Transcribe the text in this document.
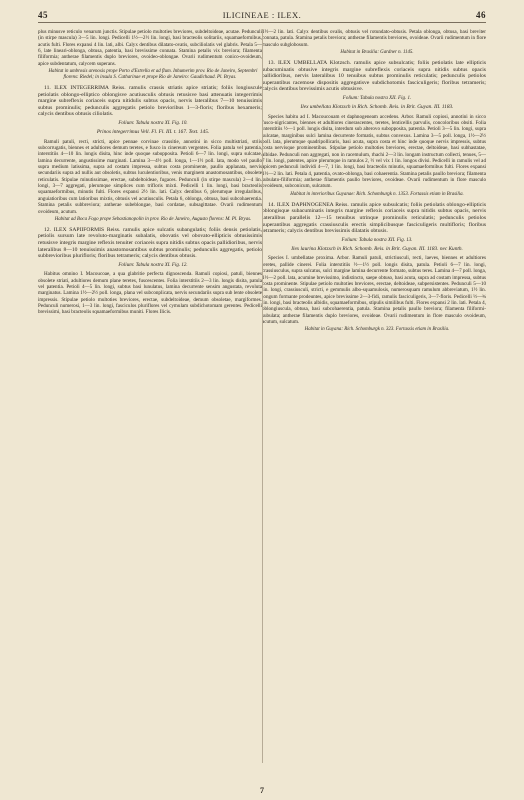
45	ILICINEAE : ILEX.	46

plus minusve reticulo venarum junctis. Stipulae petiolo multoties breviores, subdeltoideae, acutae. Pedunculi (in stirpe mascula) 3—5 lin. longi. Pedicelli 1½—2½ lin. longi, basi bracteolis solitariis, squamaeformibus, acutis fulti. Flores expansi 4 lin. lati, albi. Calyx dentibus dilatato-ovatis, subciliolatis vel glabris. Petala 5—6, late lineari-oblonga, obtusa, patentia, basi brevissime connata. Stamina petalis vix breviora; filamenta filiformia; antherae filamentis duplo breviores, ovoideo-oblongae. Ovarii rudimentum conico-ovoideum, apice subdentatum, calycem superans.

Habitat in umbrosis arenosis prope Porto d'Estrella et ad flum. Inhumerim prov. Rio de Janeiro, Septembri florens: Riedel; in insula S. Catharinae et prope Rio de Janeiro: Gaudichaud. Pl. Bryas.

11. ILEX INTEGERRIMA Reiss. ramulis crassis striatis apice striatis; foliis longiuscule petiolatis oblongo-elliptico oblongisve acutiusculis obtusis retusisve basi attenuatis integerrimis margine subreflexis coriaceis supra nitidulis subtus opacis, nervis lateralibus 7—10 tenuissimis subtus prominulis; pedunculis aggregatis petiolo brevioribus 1—3-floris; floribus hexameris; calycis dentibus obtusis ciliolatis.

Folium: Tabula nostra XI. Fig. 10.

Prinos integerrimus Vell. Fl. Fl. III. t. 167. Text. 145.

Ramuli patuli, recti, stricti, apice pennae corvinae crassitie, annotini in sicco multistriati, striis subcorrugatis, biennes et adultiores demum teretes, e fusco in cinereum vergentes. Folia patula vel patentia, interstitiis 4—10 lin. longis disita, hinc inde quoque subopposita. Petioli 6—7 lin. longi, supra sulcatae, lamina decurrente, angustissime marginati. Lamina 3—4½ poll. longa, 1—1½ poll. lata, modo vel paullo supra medium latissima, supra ad costam impressa, subtus costa prominente, paullo applanata, nervis secundariis supra ad nullis aut obsoletis, subtus luculentioribus, venis marginem anastomosantibus, obsolete reticulatis. Stipulae minutissimae, erectae, subdeltoideae, fugaces. Pedunculi (in stirpe mascula) 2—4 lin. longi, 3—7 aggregati, plerumque simplices cum trifloris mixti. Pedicelli 1 lin. longi, basi bracteolis squamaeformibus, minutis fulti. Flores expansi 2½ lin. lati. Calyx dentibus 6, plerumque irregularibus, anguiatioribus cum latioribus mixtis, obtusis vel acutiusculis. Petala 6, oblonga, obtusa, basi subcohaerentia. Stamina petalis subbreviora; antherae subeblongae, basi cordatae, subsagittatae. Ovarii rudimentum ovoideum, acutum.

Habitat ad Boca Fogo prope Sebastianopolin in prov. Rio de Janeiro, Augusto florens: M. Pl. Bryas.

12. ILEX SAPIIFORMIS Reiss. ramulis apice sulcatis subangulatis; foliis densis petiolatis, petiolis sursum late revoluto-marginatis subalatis, obovatis vel obovato-ellipticis obtusissimis retusisve integris margine reflexis tenuiter coriaceis supra nitidis subtus opacis pallidioribus, nervis lateralibus 8—10 tenuissimis anastomosantibus subtus prominulis; pedunculis aggregatis, petiolo subbrevioribus plurifloris; floribus tetrameris; calycis dentibus obtusis.

Folium: Tabula nostra XI. Fig. 12.

Habitus omnino I. Macoucoae, a qua glabritie perfecta dignoscenda. Ramuli copiosi, patuli, biennes obsolete striati, adultiores demum plane teretes, fuscescentes. Folia interstitiis 2—3 lin. longis disita, patula vel patentia. Petioli 4—5 lin. longi, subtus basi lunulatus, lamina decurrente sensim angustata, revoluta marginatus. Lamina 1½—2½ poll. longa, plana vel subconplicata, nervis secundariis supra sub lente obsolete impressis. Stipulae petiolo multoties breviores, erectae, subdeltoideae, demum obsoletae, margiformes. Pedunculi numerosi, 1—3 lin. longi, fasciculos pluriflores vel cymulam subdichotomam gerentes. Pedicelli brevissimi, basi bracteolis squamaeformibus muniti. Flores Ilicis.

1½—2 lin. lati. Calyx dentibus ovalis, obtusis vel rotundato-obtusis. Petala oblonga, obtusa, basi breviter connata, patula. Stamina petalis breviora; antherae filamentis breviores, ovoideae. Ovarii rudimentum in flore masculo subglobosum.

Habitat in Brasilia: Gardner n. 1145.

13. ILEX UMBELLATA Klotzsch. ramulis apice subsulcatis; foliis petiolatis late ellipticis subacuminatis obtusive integris margine subreflexis coriaceis supra nitidis subtus opacis pallidioribus, nervis lateralibus 10 tenuibus subtus prominulis reticulatis; pedunculis petiolos superantibus racemose dispositis aggregatisve subdichotomis fasciculigeris; floribus tetrameris; calycis dentibus brevissimis acutis obtusisve.

Folium: Tabula nostra XII. Fig. 1.

Ilex umbellata Klotzsch in Rich. Schomb. Reis. in Brit. Guyan. III. 1183.

Species habitu ad I. Macoucouam et daphnogeneam accedens. Arbor. Ramuli copiosi, annotini in sicco fusco-nigricantes, biennes et adultiores cinerascentes, teretes, lenticellis parvulis, concoloribus obsiti. Folia interstitiis ½—1 poll. longis disita, interdum sub alterovo subopposita, patentia. Petioli 3—5 lin. longi, supra sulcatae, marginibus sulci lamina decurrente formatis, subtus convexus. Lamina 3—5 poll. longa, 1½—2½ poll. lata, plerumque quadripollicaris, basi acuta, supra costa et hinc inde quoque nervis impressis, subtus costa nervisque prominentibus. Stipulae petiolo multoties breviores, erectae, deltoideae, basi subhastatae, albidae. Pedunculi non aggregati, non in racemulum, rhachi 2—3 lin. longam instructum collecti, tenues, 5—7 lin. longi, patentes, apice plerumque in ramulos 2, ½ vel vix 1 lin. longos divisi. Pedicelli in ramulis vel ad apicem pedunculi individi 4—7, 1 lin. longi, basi bracteolis minutis, squamaeformibus fulti. Flores expansi 1½—2 lin. lati. Petala 4, patentia, ovato-oblonga, basi cohaerentia. Stamina petalis paullo breviora; filamenta subulato-filiformia; antherae filamentis paullo breviores, ovoideae. Ovarii rudimentum in flore masculo ovoideum, subconicum, sulcatum.

Habitat in interioribus Guyanae: Rich. Schomburgk n. 1353. Fortassis etiam in Brasilia.

14. ILEX DAPHNOGENEA Reiss. ramulis apice subsulcatis; foliis petiolatis oblongo-ellipticis oblongisque subacuminatis integris margine reflexis coriaceis supra nitidis subtus opacis, nervis lateralibus parallelis 12—15 tenuibus utrinque prominulis reticulatis; pedunculis petiolos superantibus aggregatis crassiusculis erectis simplicibusque fasciculigeris multifloris; floribus tetrameris; calycis dentibus brevissimis dilatatis obtusis.

Folium: Tabula nostra XII. Fig. 13.

Ilex laurina Klotzsch in Rich. Schomb. Reis. in Brit. Guyan. III. 1183. nec Kunth.

Species I. umbellatae proxima. Arbor. Ramuli patuli, strictiusculi, recti, laeves, biennes et adultiores teretes, pallide cinerei. Folia interstitiis ½—1½ poll. longis disita, patula. Petioli 6—7 lin. longi, crassiusculus, supra sulcatus, sulci margine lamina decurrente formato, subtus teres. Lamina 4—7 poll. longa, 1½—2 poll. lata, acumine brevissimo, indistincto, saepe obtuso, basi acuta, supra ad costam impressa, subtus costa prominente. Stipulae petiolo multoties breviores, erectae, deltoideae, subpersistentes. Pedunculi 5—10 lin. longi, crassiusculi, stricti, e gemmulis albo-squamulosis, numerosquam ramulum abbreviatum, 1½ lin. longum formante prodeuntes, apice brevissime 2—3-fidi, ramulis fasciculigeris, 3—7-floris. Pedicelli ½—¾ lin. longi, basi bracteolis albidis, squamaeformibus, stipulis similibus fulti. Flores expansi 2 lin. lati. Petala 4, oblongiuscula, obtusa, basi subcohaerentia, patula. Stamina petalis paullo breviora; filamenta filiformi-subulata; antherae filamentis duplo breviores, ovoideae. Ovarii rudimentum in flore masculo ovoideum, acutum, sulcatum.

Habitat in Guyana: Rich. Schomburgk n. 323. Fortassis etiam in Brasilia.

7
